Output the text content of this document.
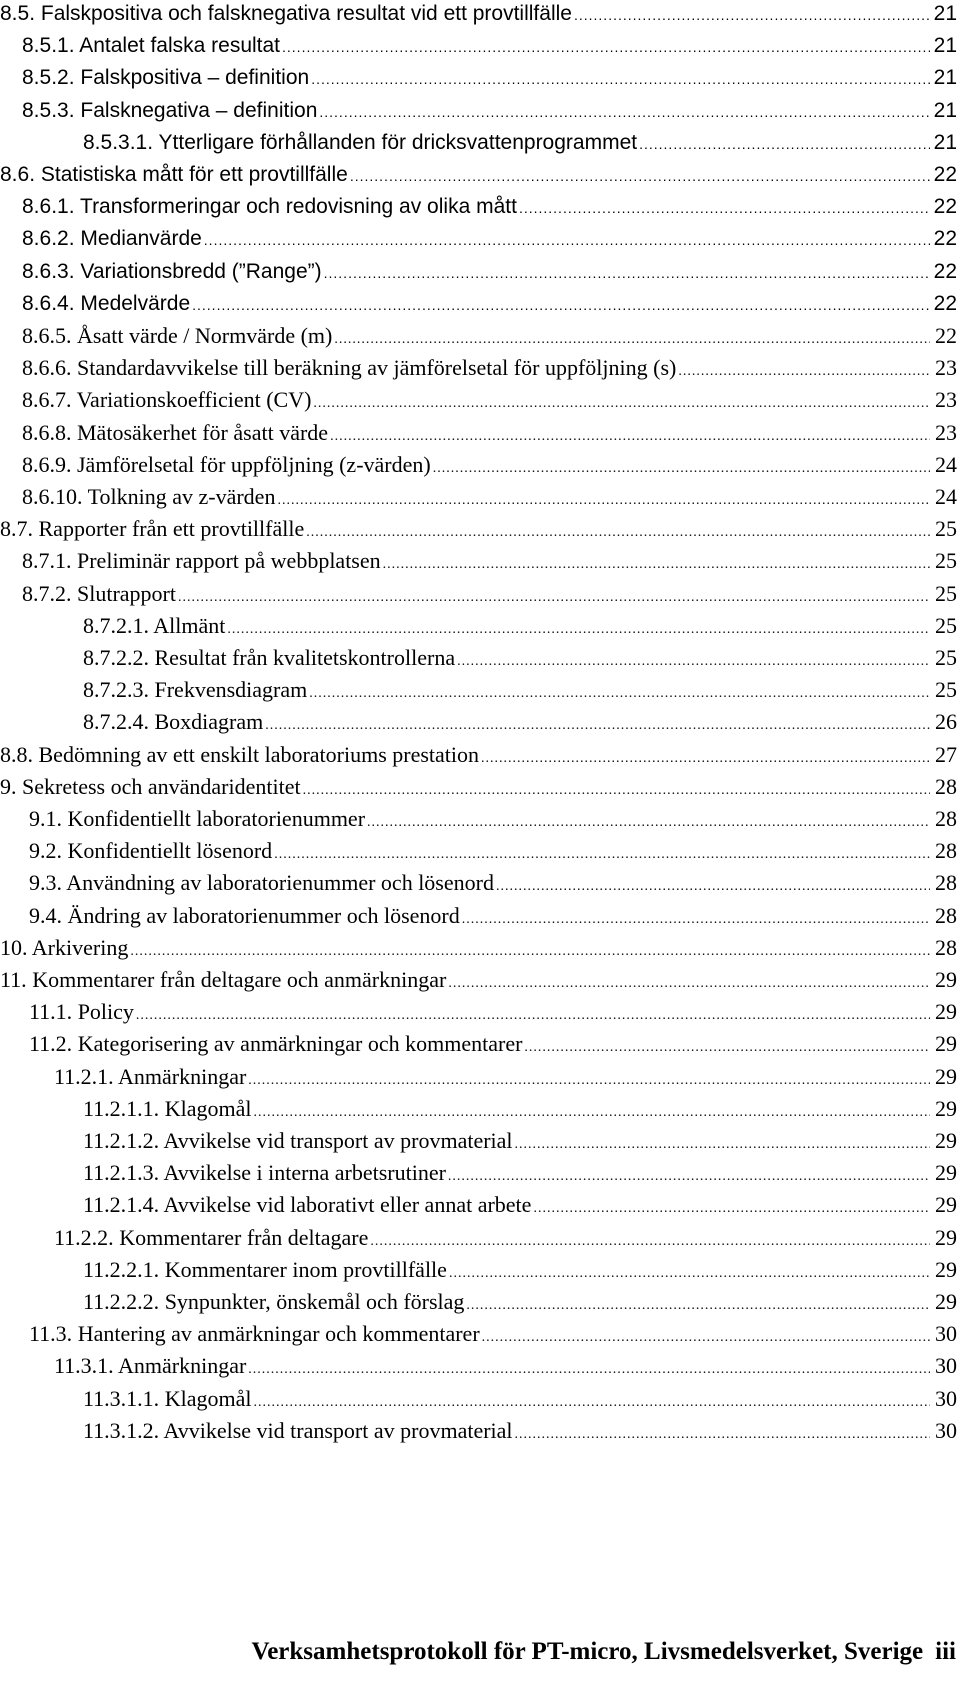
8.5. Falskpositiva och falsknegativa resultat vid ett provtillfälle .....	21
8.5.1. Antalet falska resultat .....	21
8.5.2. Falskpositiva – definition .....	21
8.5.3. Falsknegativa – definition .....	21
8.5.3.1. Ytterligare förhållanden för dricksvattenprogrammet .....	21
8.6. Statistiska mått för ett provtillfälle .....	22
8.6.1. Transformeringar och redovisning av olika mått .....	22
8.6.2. Medianvärde .....	22
8.6.3. Variationsbredd (”Range”) .....	22
8.6.4. Medelvärde .....	22
8.6.5. Åsatt värde / Normvärde (m) .....	22
8.6.6. Standardavvikelse till beräkning av jämförelsetal för uppföljning (s) .....	23
8.6.7. Variationskoefficient (CV) .....	23
8.6.8. Mätosäkerhet för åsatt värde .....	23
8.6.9. Jämförelsetal för uppföljning (z-värden) .....	24
8.6.10. Tolkning av z-värden .....	24
8.7. Rapporter från ett provtillfälle .....	25
8.7.1. Preliminär rapport på webbplatsen .....	25
8.7.2. Slutrapport .....	25
8.7.2.1. Allmänt .....	25
8.7.2.2. Resultat från kvalitetskontrollerna .....	25
8.7.2.3. Frekvensdiagram .....	25
8.7.2.4. Boxdiagram .....	26
8.8. Bedömning av ett enskilt laboratoriums prestation .....	27
9. Sekretess och användaridentitet .....	28
9.1. Konfidentiellt laboratorienummer .....	28
9.2. Konfidentiellt lösenord .....	28
9.3. Användning av laboratorienummer och lösenord .....	28
9.4. Ändring av laboratorienummer och lösenord .....	28
10. Arkivering .....	28
11. Kommentarer från deltagare och anmärkningar .....	29
11.1. Policy .....	29
11.2. Kategorisering av anmärkningar och kommentarer .....	29
11.2.1. Anmärkningar .....	29
11.2.1.1. Klagomål .....	29
11.2.1.2. Avvikelse vid transport av provmaterial .....	29
11.2.1.3. Avvikelse i interna arbetsrutiner .....	29
11.2.1.4. Avvikelse vid laborativt eller annat arbete .....	29
11.2.2. Kommentarer från deltagare .....	29
11.2.2.1. Kommentarer inom provtillfälle .....	29
11.2.2.2. Synpunkter, önskemål och förslag .....	29
11.3. Hantering av anmärkningar och kommentarer .....	30
11.3.1. Anmärkningar .....	30
11.3.1.1. Klagomål .....	30
11.3.1.2. Avvikelse vid transport av provmaterial .....	30
Verksamhetsprotokoll för PT-micro, Livsmedelsverket, Sverige iii
